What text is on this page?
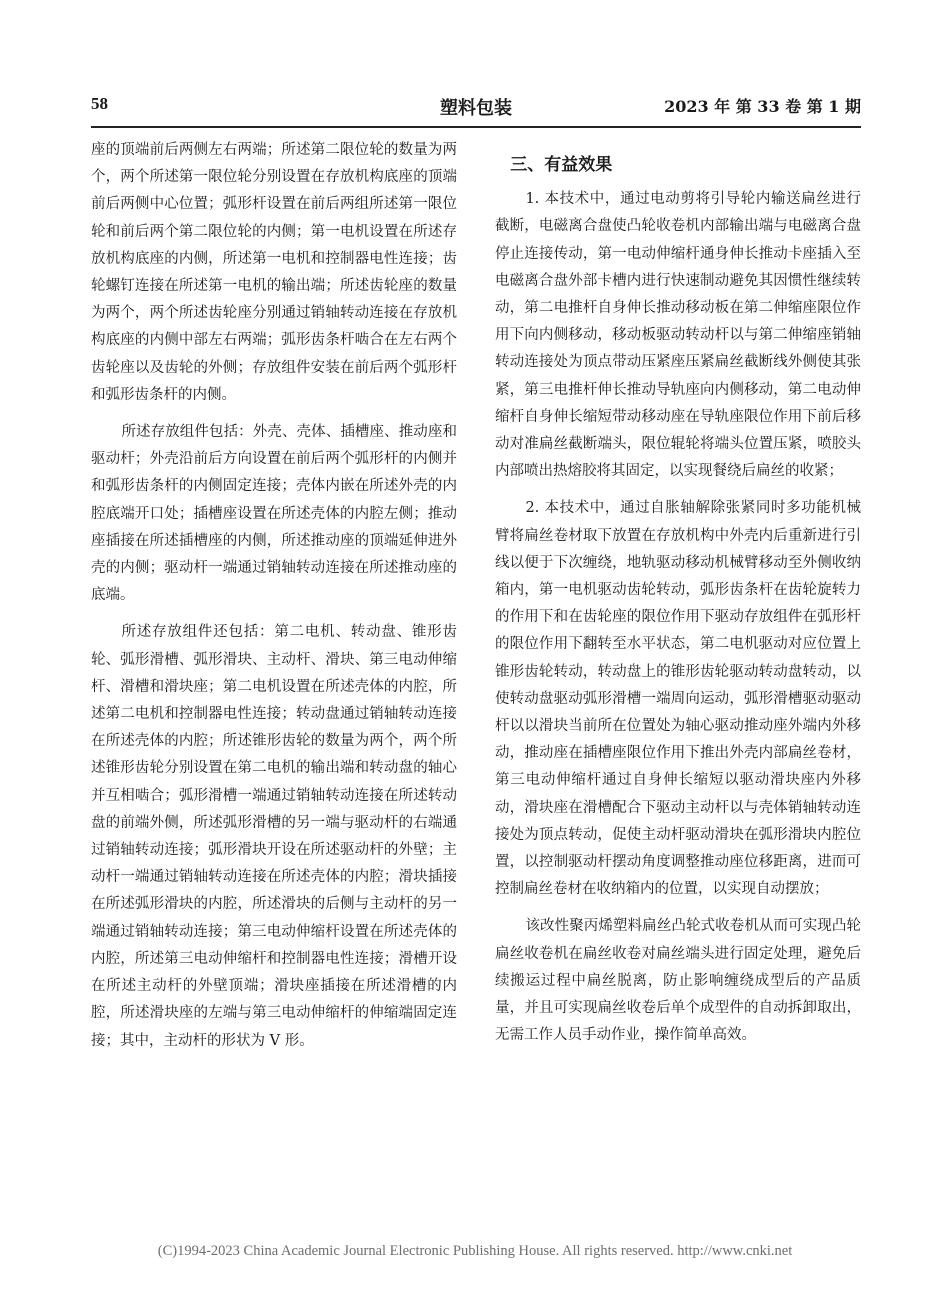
58	塑料包装	2023 年 第 33 卷 第 1 期

座的顶端前后两侧左右两端；所述第二限位轮的数量为两个，两个所述第一限位轮分别设置在存放机构底座的顶端前后两侧中心位置；弧形杆设置在前后两组所述第一限位轮和前后两个第二限位轮的内侧；第一电机设置在所述存放机构底座的内侧，所述第一电机和控制器电性连接；齿轮螺钉连接在所述第一电机的输出端；所述齿轮座的数量为两个，两个所述齿轮座分别通过销轴转动连接在存放机构底座的内侧中部左右两端；弧形齿条杆啮合在左右两个齿轮座以及齿轮的外侧；存放组件安装在前后两个弧形杆和弧形齿条杆的内侧。

所述存放组件包括：外壳、壳体、插槽座、推动座和驱动杆；外壳沿前后方向设置在前后两个弧形杆的内侧并和弧形齿条杆的内侧固定连接；壳体内嵌在所述外壳的内腔底端开口处；插槽座设置在所述壳体的内腔左侧；推动座插接在所述插槽座的内侧，所述推动座的顶端延伸进外壳的内侧；驱动杆一端通过销轴转动连接在所述推动座的底端。

所述存放组件还包括：第二电机、转动盘、锥形齿轮、弧形滑槽、弧形滑块、主动杆、滑块、第三电动伸缩杆、滑槽和滑块座；第二电机设置在所述壳体的内腔，所述第二电机和控制器电性连接；转动盘通过销轴转动连接在所述壳体的内腔；所述锥形齿轮的数量为两个，两个所述锥形齿轮分别设置在第二电机的输出端和转动盘的轴心并互相啮合；弧形滑槽一端通过销轴转动连接在所述转动盘的前端外侧，所述弧形滑槽的另一端与驱动杆的右端通过销轴转动连接；弧形滑块开设在所述驱动杆的外壁；主动杆一端通过销轴转动连接在所述壳体的内腔；滑块插接在所述弧形滑块的内腔，所述滑块的后侧与主动杆的另一端通过销轴转动连接；第三电动伸缩杆设置在所述壳体的内腔，所述第三电动伸缩杆和控制器电性连接；滑槽开设在所述主动杆的外壁顶端；滑块座插接在所述滑槽的内腔，所述滑块座的左端与第三电动伸缩杆的伸缩端固定连接；其中，主动杆的形状为 V 形。

三、有益效果

1. 本技术中，通过电动剪将引导轮内输送扁丝进行截断，电磁离合盘使凸轮收卷机内部输出端与电磁离合盘停止连接传动，第一电动伸缩杆通身伸长推动卡座插入至电磁离合盘外部卡槽内进行快速制动避免其因惯性继续转动，第二电推杆自身伸长推动移动板在第二伸缩座限位作用下向内侧移动，移动板驱动转动杆以与第二伸缩座销轴转动连接处为顶点带动压紧座压紧扁丝截断线外侧使其张紧，第三电推杆伸长推动导轨座向内侧移动，第二电动伸缩杆自身伸长缩短带动移动座在导轨座限位作用下前后移动对准扁丝截断端头，限位辊轮将端头位置压紧，喷胶头内部喷出热熔胶将其固定，以实现餐绕后扁丝的收紧；

2. 本技术中，通过自胀轴解除张紧同时多功能机械臂将扁丝卷材取下放置在存放机构中外壳内后重新进行引线以便于下次缠绕，地轨驱动移动机械臂移动至外侧收纳箱内，第一电机驱动齿轮转动，弧形齿条杆在齿轮旋转力的作用下和在齿轮座的限位作用下驱动存放组件在弧形杆的限位作用下翻转至水平状态，第二电机驱动对应位置上锥形齿轮转动，转动盘上的锥形齿轮驱动转动盘转动，以使转动盘驱动弧形滑槽一端周向运动，弧形滑槽驱动驱动杆以以滑块当前所在位置处为轴心驱动推动座外端内外移动，推动座在插槽座限位作用下推出外壳内部扁丝卷材，第三电动伸缩杆通过自身伸长缩短以驱动滑块座内外移动，滑块座在滑槽配合下驱动主动杆以与壳体销轴转动连接处为顶点转动，促使主动杆驱动滑块在弧形滑块内腔位置，以控制驱动杆摆动角度调整推动座位移距离，进而可控制扁丝卷材在收纳箱内的位置，以实现自动摆放；

该改性聚丙烯塑料扁丝凸轮式收卷机从而可实现凸轮扁丝收卷机在扁丝收卷对扁丝端头进行固定处理，避免后续搬运过程中扁丝脱离，防止影响缠绕成型后的产品质量，并且可实现扁丝收卷后单个成型件的自动拆卸取出，无需工作人员手动作业，操作简单高效。

(C)1994-2023 China Academic Journal Electronic Publishing House. All rights reserved. http://www.cnki.net
